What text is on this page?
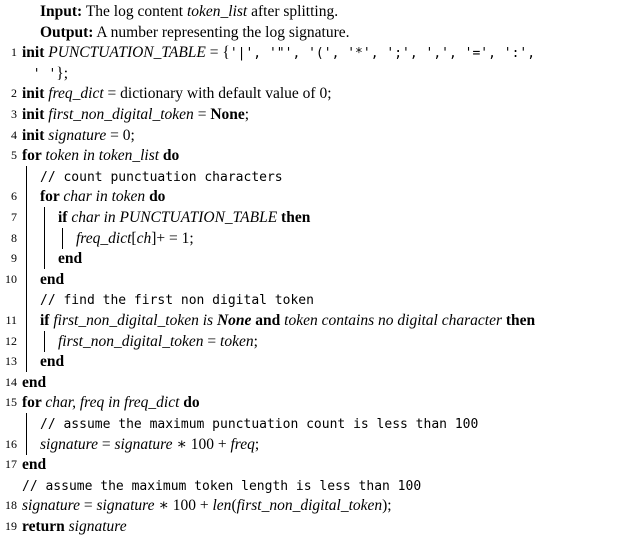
Input: The log content token_list after splitting.
Output: A number representing the log signature.
1 init PUNCTUATION_TABLE = {'|', '"', '(', '*', ';', ',', '=', ':',
' '};
2 init freq_dict = dictionary with default value of 0;
3 init first_non_digital_token = None;
4 init signature = 0;
5 for token in token_list do
// count punctuation characters
6 for char in token do
7	if char in PUNCTUATION_TABLE then
8	freq_dict[ch]+ = 1;
9	end
10 end
// find the first non digital token
11 if first_non_digital_token is None and token contains no digital character then
12	first_non_digital_token = token;
13 end
14 end
15 for char, freq in freq_dict do
// assume the maximum punctuation count is less than 100
16 signature = signature ∗ 100 + freq;
17 end
// assume the maximum token length is less than 100
18 signature = signature ∗ 100 + len(first_non_digital_token);
19 return signature
